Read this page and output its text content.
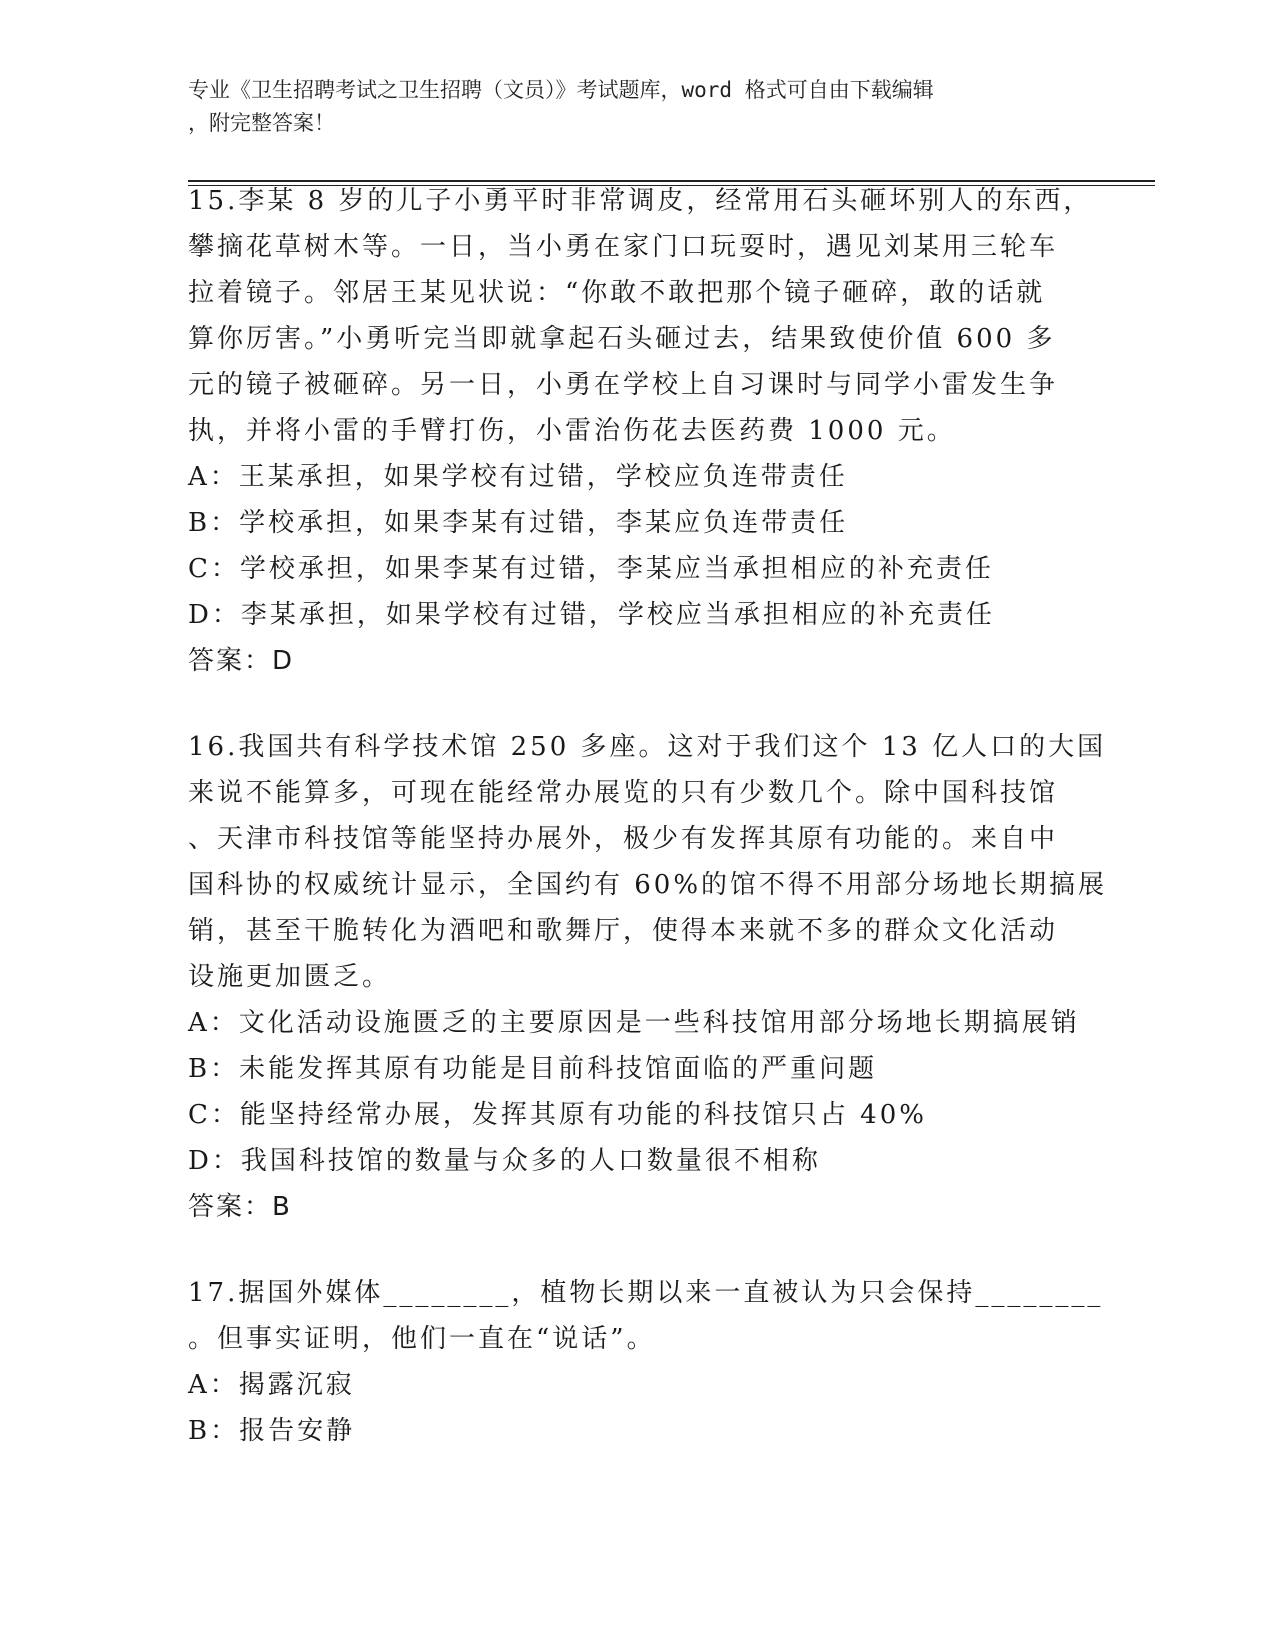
专业《卫生招聘考试之卫生招聘（文员）》考试题库，word 格式可自由下载编辑
，附完整答案！
15.李某 8 岁的儿子小勇平时非常调皮，经常用石头砸坏别人的东西，
攀摘花草树木等。一日，当小勇在家门口玩耍时，遇见刘某用三轮车
拉着镜子。邻居王某见状说：“你敢不敢把那个镜子砸碎，敢的话就
算你厉害。”小勇听完当即就拿起石头砸过去，结果致使价值 600 多
元的镜子被砸碎。另一日，小勇在学校上自习课时与同学小雷发生争
执，并将小雷的手臂打伤，小雷治伤花去医药费 1000 元。
A：王某承担，如果学校有过错，学校应负连带责任
B：学校承担，如果李某有过错，李某应负连带责任
C：学校承担，如果李某有过错，李某应当承担相应的补充责任
D：李某承担，如果学校有过错，学校应当承担相应的补充责任
答案：D
16.我国共有科学技术馆 250 多座。这对于我们这个 13 亿人口的大国
来说不能算多，可现在能经常办展览的只有少数几个。除中国科技馆
、天津市科技馆等能坚持办展外，极少有发挥其原有功能的。来自中
国科协的权威统计显示，全国约有 60%的馆不得不用部分场地长期搞展
销，甚至干脆转化为酒吧和歌舞厅，使得本来就不多的群众文化活动
设施更加匮乏。
A：文化活动设施匮乏的主要原因是一些科技馆用部分场地长期搞展销
B：未能发挥其原有功能是目前科技馆面临的严重问题
C：能坚持经常办展，发挥其原有功能的科技馆只占 40%
D：我国科技馆的数量与众多的人口数量很不相称
答案：B
17.据国外媒体________，植物长期以来一直被认为只会保持________
。但事实证明，他们一直在“说话”。
A：揭露沉寂
B：报告安静
